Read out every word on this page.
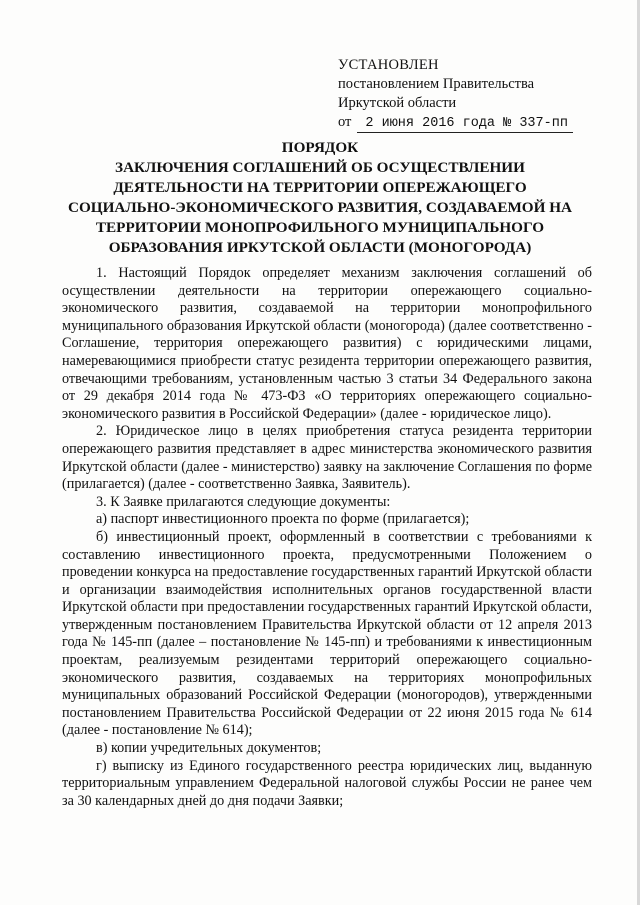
УСТАНОВЛЕН
постановлением Правительства
Иркутской области
от 2 июня 2016 года № 337-пп
ПОРЯДОК
ЗАКЛЮЧЕНИЯ СОГЛАШЕНИЙ ОБ ОСУЩЕСТВЛЕНИИ
ДЕЯТЕЛЬНОСТИ НА ТЕРРИТОРИИ ОПЕРЕЖАЮЩЕГО
СОЦИАЛЬНО-ЭКОНОМИЧЕСКОГО РАЗВИТИЯ, СОЗДАВАЕМОЙ НА
ТЕРРИТОРИИ МОНОПРОФИЛЬНОГО МУНИЦИПАЛЬНОГО
ОБРАЗОВАНИЯ ИРКУТСКОЙ ОБЛАСТИ (МОНОГОРОДА)

1. Настоящий Порядок определяет механизм заключения соглашений об осуществлении деятельности на территории опережающего социально-экономического развития, создаваемой на территории монопрофильного муниципального образования Иркутской области (моногорода) (далее соответственно - Соглашение, территория опережающего развития) с юридическими лицами, намеревающимися приобрести статус резидента территории опережающего развития, отвечающими требованиям, установленным частью 3 статьи 34 Федерального закона от 29 декабря 2014 года № 473-ФЗ «О территориях опережающего социально-экономического развития в Российской Федерации» (далее - юридическое лицо).

2. Юридическое лицо в целях приобретения статуса резидента территории опережающего развития представляет в адрес министерства экономического развития Иркутской области (далее - министерство) заявку на заключение Соглашения по форме (прилагается) (далее - соответственно Заявка, Заявитель).

3. К Заявке прилагаются следующие документы:

а) паспорт инвестиционного проекта по форме (прилагается);

б) инвестиционный проект, оформленный в соответствии с требованиями к составлению инвестиционного проекта, предусмотренными Положением о проведении конкурса на предоставление государственных гарантий Иркутской области и организации взаимодействия исполнительных органов государственной власти Иркутской области при предоставлении государственных гарантий Иркутской области, утвержденным постановлением Правительства Иркутской области от 12 апреля 2013 года № 145-пп (далее – постановление № 145-пп) и требованиями к инвестиционным проектам, реализуемым резидентами территорий опережающего социально-экономического развития, создаваемых на территориях монопрофильных муниципальных образований Российской Федерации (моногородов), утвержденными постановлением Правительства Российской Федерации от 22 июня 2015 года № 614 (далее - постановление № 614);

в) копии учредительных документов;

г) выписку из Единого государственного реестра юридических лиц, выданную территориальным управлением Федеральной налоговой службы России не ранее чем за 30 календарных дней до дня подачи Заявки;
